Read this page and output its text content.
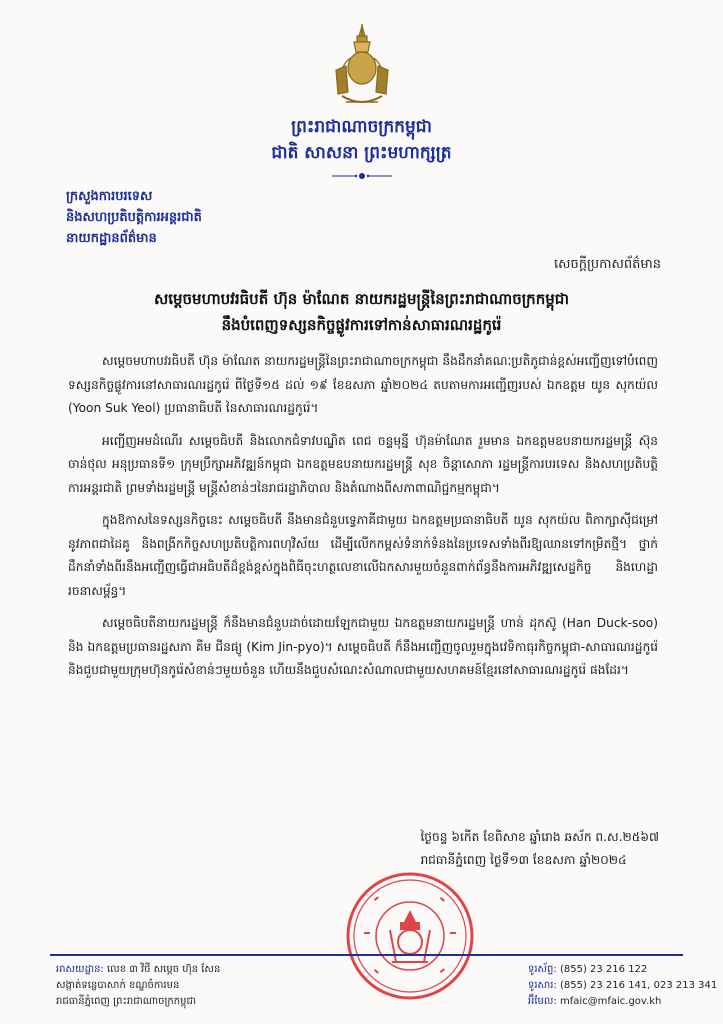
ព្រះរាជាណាចក្រកម្ពុជា
ជាតិ សាសនា ព្រះមហាក្សត្រ
ក្រសួងការបរទេស
និងសហប្រតិបត្តិការអន្តរជាតិ
នាយកដ្ឋានព័ត៌មាន
សេចក្តីប្រកាសព័ត៌មាន
សម្តេចមហាបវរធិបតី ហ៊ុន ម៉ាណែត នាយករដ្ឋមន្ត្រីនៃព្រះរាជាណាចក្រកម្ពុជា
នឹងបំពេញទស្សនកិច្ចផ្លូវការទៅកាន់សាធារណរដ្ឋកូរ៉េ

សម្តេចមហាបវរធិបតី ហ៊ុន ម៉ាណែត នាយករដ្ឋមន្ត្រីនៃព្រះរាជាណាចក្រកម្ពុជា នឹងដឹកនាំគណៈប្រតិភូជាន់ខ្ពស់អញ្ជើញទៅបំពេញទស្សនកិច្ចផ្លូវការនៅសាធារណរដ្ឋកូរ៉េ ពីថ្ងៃទី១៥ ដល់ ១៩ ខែឧសភា ឆ្នាំ២០២៤ តបតាមការអញ្ជើញរបស់ ឯកឧត្តម យូន សុកយ៉ល (Yoon Suk Yeol) ប្រធានាធិបតី នៃសាធារណរដ្ឋកូរ៉េ។

អញ្ជើញអមដំណើរ សម្តេចធិបតី និងលោកជំទាវបណ្ឌិត ពេជ ចន្ទមុន្នី ហ៊ុនម៉ាណែត រួមមាន ឯកឧត្តមឧបនាយករដ្ឋមន្ត្រី ស៊ុន ចាន់ថុល អនុប្រធានទី១ ក្រុមប្រឹក្សាអភិវឌ្ឍន៍កម្ពុជា ឯកឧត្តមឧបនាយករដ្ឋមន្ត្រី សុខ ចិន្តាសោភា រដ្ឋមន្ត្រីការបរទេស និងសហប្រតិបត្តិការអន្តរជាតិ ព្រមទាំងរដ្ឋមន្ត្រី មន្ត្រីសំខាន់ៗនៃរាជរដ្ឋាភិបាល និងតំណាងពីសភាពាណិជ្ជកម្មកម្ពុជា។

ក្នុងឱកាសនៃទស្សនកិច្ចនេះ សម្តេចធិបតី នឹងមានជំនួបទ្វេភាគីជាមួយ ឯកឧត្តមប្រធានាធិបតី យូន សុកយ៉ល ពិភាក្សាស៊ីជម្រៅនូវភាពជាដៃគូ និងពង្រីកកិច្ចសហប្រតិបត្តិការពហុវិស័យ ដើម្បីលើកកម្ពស់ទំនាក់ទំនងនៃប្រទេសទាំងពីរឱ្យឈានទៅកម្រិតថ្មី។ ថ្នាក់ដឹកនាំទាំងពីរនឹងអញ្ជើញធ្វើជាអធិបតីដ៏ខ្ពង់ខ្ពស់ក្នុងពិធីចុះហត្ថលេខាលើឯកសារមួយចំនួនពាក់ព័ន្ធនឹងការអភិវឌ្ឍសេដ្ឋកិច្ច និងហេដ្ឋារចនាសម្ព័ន្ធ។

សម្តេចធិបតីនាយករដ្ឋមន្ត្រី ក៏នឹងមានជំនួបដាច់ដោយឡែកជាមួយ ឯកឧត្តមនាយករដ្ឋមន្ត្រី ហាន់ ដុកស៊ូ (Han Duck-soo) និង ឯកឧត្តមប្រធានរដ្ឋសភា គីម ជីនផ្យូ (Kim Jin-pyo)។ សម្តេចធិបតី ក៏នឹងអញ្ជើញចូលរួមក្នុងវេទិកាធុរកិច្ចកម្ពុជា-សាធារណរដ្ឋកូរ៉េ និងជួបជាមួយក្រុមហ៊ុនកូរ៉េសំខាន់ៗមួយចំនួន ហើយនឹងជួបសំណេះសំណាលជាមួយសហគមន៍ខ្មែរនៅសាធារណរដ្ឋកូរ៉េ ផងដែរ។

ថ្ងៃចន្ទ ៦កើត ខែពិសាខ ឆ្នាំរោង ឆស័ក ព.ស.២៥៦៧
រាជធានីភ្នំពេញ ថ្ងៃទី១៣ ខែឧសភា ឆ្នាំ២០២៤
អាសយដ្ឋាន: លេខ ៣ វិថី សម្តេច ហ៊ុន សែន
សង្កាត់ទន្លេបាសាក់ ខណ្ឌចំការមន
រាជធានីភ្នំពេញ ព្រះរាជាណាចក្រកម្ពុជា
ទូរស័ព្ទ: (855) 23 216 122
ទូរសារ: (855) 23 216 141, 023 213 341
អ៊ីមែល: mfaic@mfaic.gov.kh
